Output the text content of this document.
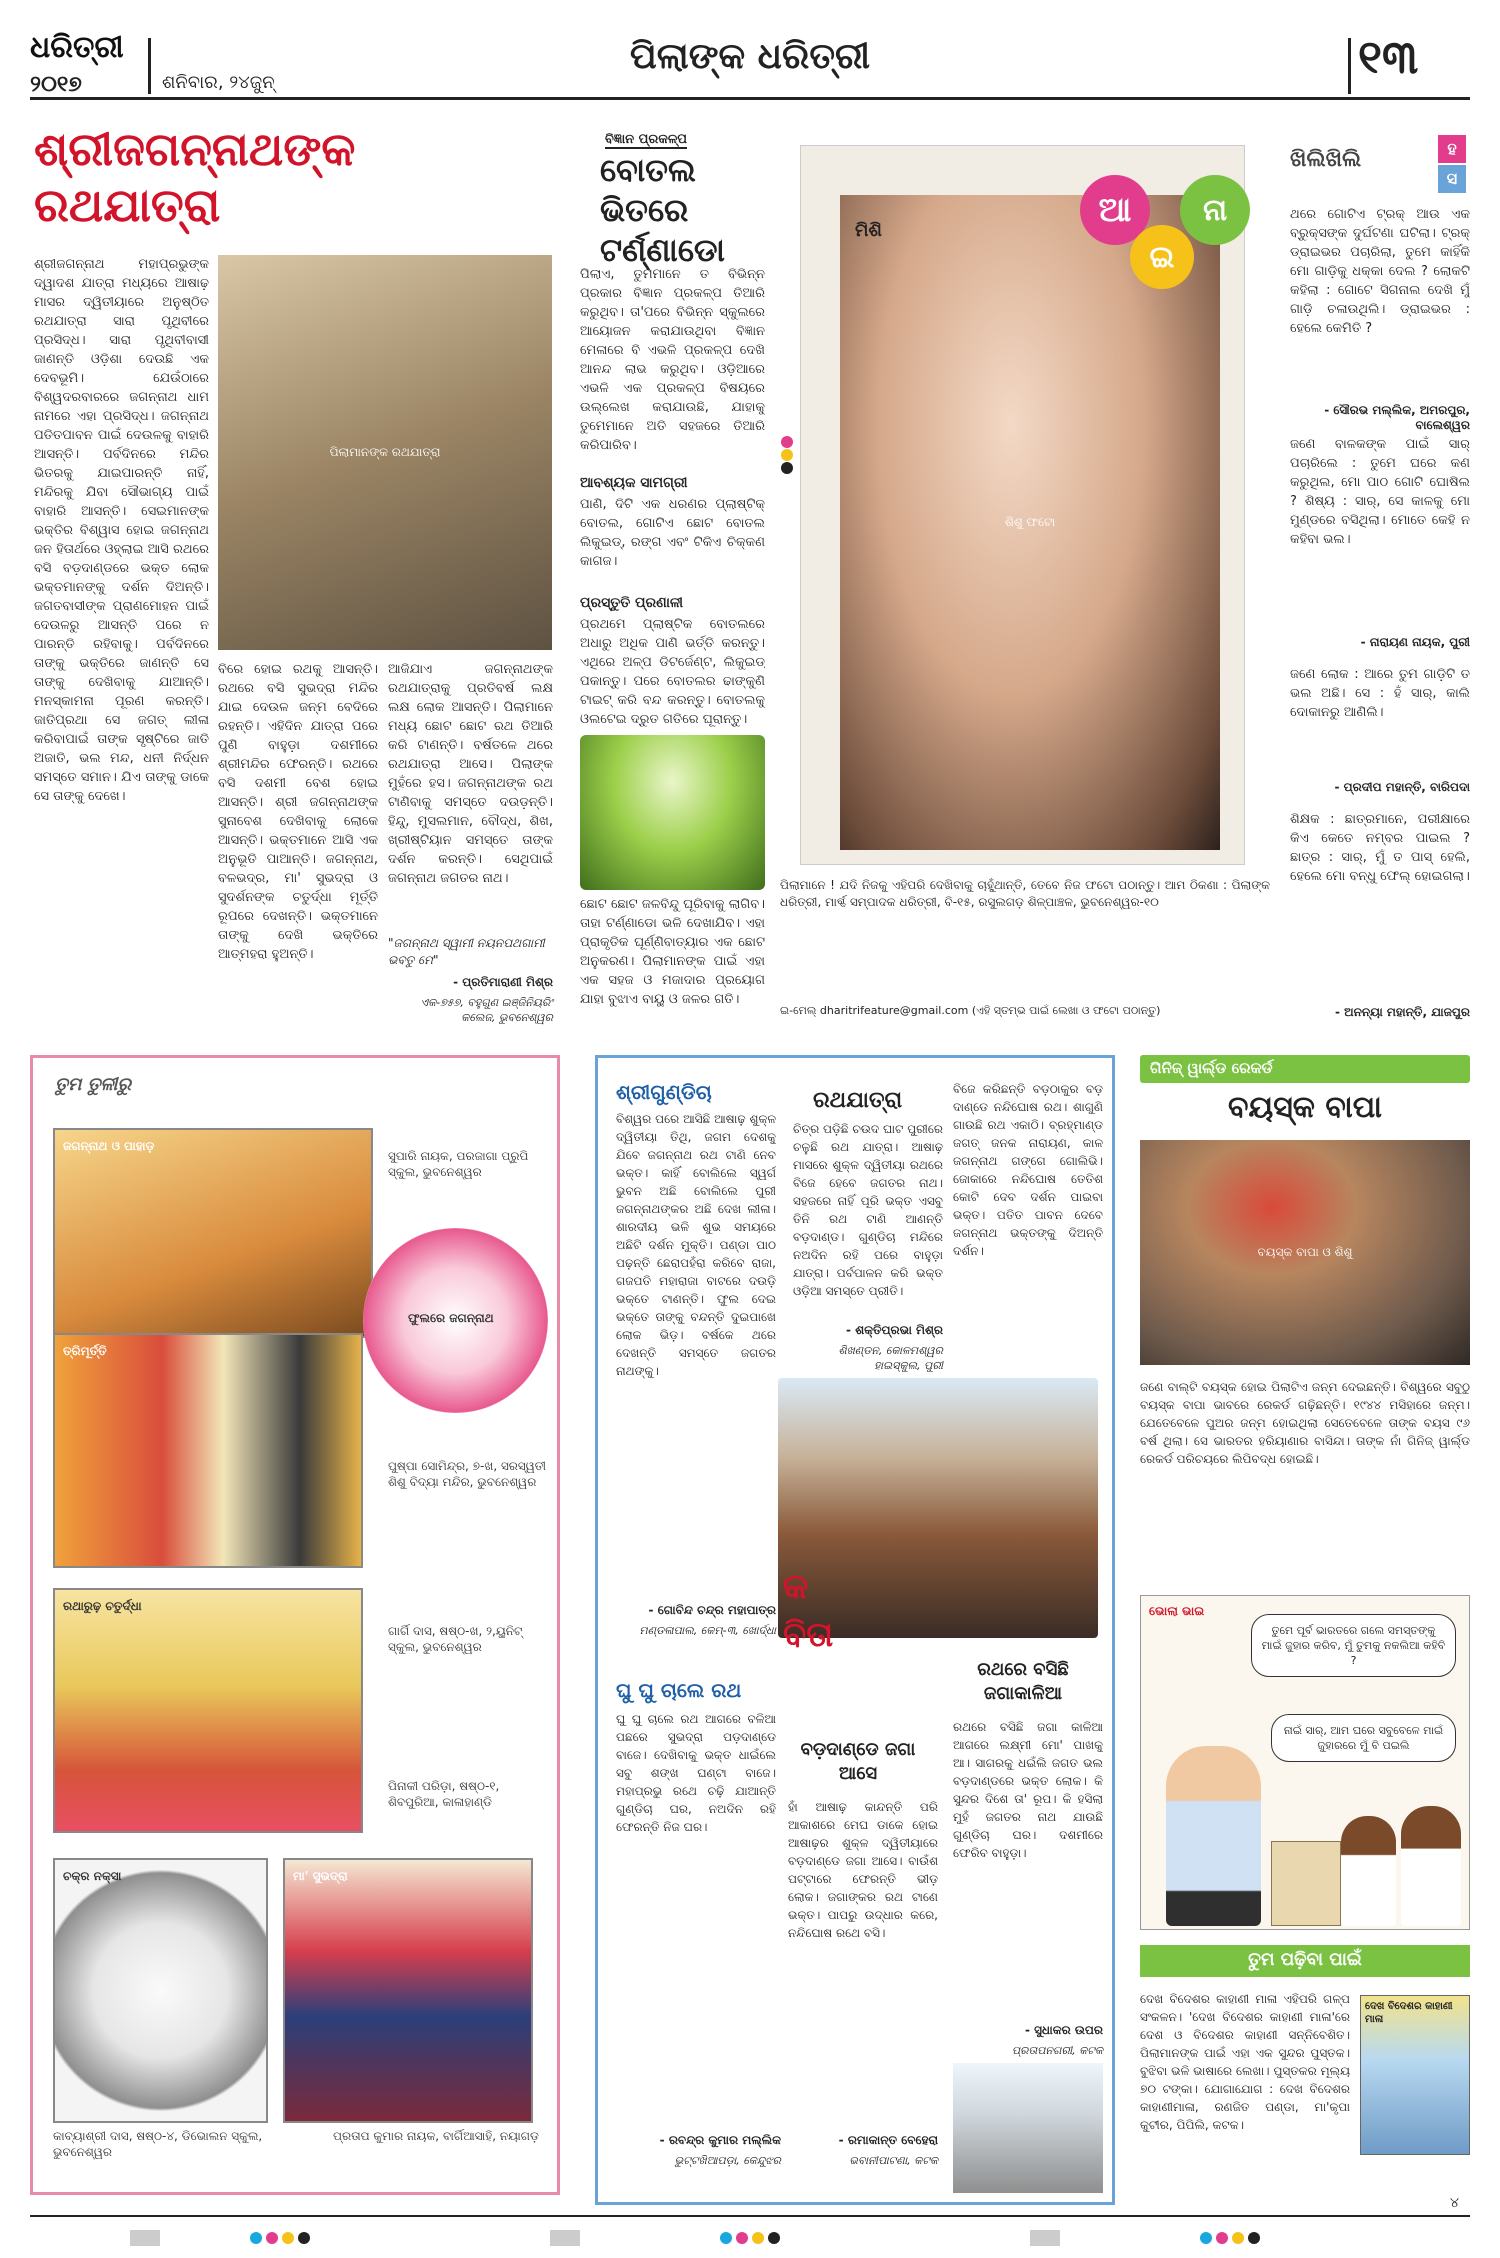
ଧରିତ୍ରୀ
୨୦୧୭	ଶନିବାର, ୨୪ଜୁନ୍
ପିଲାଙ୍କ ଧରିତ୍ରୀ	୧୩
ଶ୍ରୀଜଗନ୍ନାଥଙ୍କ ରଥଯାତ୍ରା
ଶ୍ରୀଜଗନ୍ନାଥ ମହାପ୍ରଭୁଙ୍କ ଦ୍ୱାଦଶ ଯାତ୍ରା ମଧ୍ୟରେ ଆଷାଢ଼ ମାସର ଦ୍ୱିତୀୟାରେ ଅନୁଷ୍ଠିତ ରଥଯାତ୍ରା ସାରା ପୃଥିବୀରେ ପ୍ରସିଦ୍ଧ। ସାରା ପୃଥିବୀବାସୀ ଜାଣନ୍ତି ଓଡ଼ିଶା ଦେଉଛି ଏକ ଦେବଭୂମି। ଯେଉଁଠାରେ ବିଶ୍ୱଦରବାରରେ ଜଗନ୍ନାଥ ଧାମ ନାମରେ ଏହା ପ୍ରସିଦ୍ଧ। ଜଗନ୍ନାଥ ପତିତପାବନ ପାଇଁ ଦେଉଳକୁ ବାହାରି ଆସନ୍ତି। ପର୍ବଦିନରେ ମନ୍ଦିର ଭିତରକୁ ଯାଇପାରନ୍ତି ନାହିଁ, ମନ୍ଦିରକୁ ଯିବା ସୌଭାଗ୍ୟ ପାଇଁ ବାହାରି ଆସନ୍ତି। ସେଇମାନଙ୍କ ଭକ୍ତିର ବିଶ୍ୱାସ ହୋଇ ଜଗନ୍ନାଥ ଜନ ହିତାର୍ଥରେ ଓହ୍ଲାଇ ଆସି ରଥରେ ବସି ବଡ଼ଦାଣ୍ଡରେ ଭକ୍ତ ଲୋକ ଭକ୍ତମାନଙ୍କୁ ଦର୍ଶନ ଦିଅନ୍ତି। ଜଗତବାସୀଙ୍କ ପ୍ରାଣମୋହନ ପାଇଁ ଦେଉଳରୁ ଆସନ୍ତି ପରେ ନ ପାରନ୍ତି ରହିବାକୁ। ପର୍ବଦିନରେ ତାଙ୍କୁ ଭକ୍ତିରେ ଜାଣନ୍ତି ସେ ତାଙ୍କୁ ଦେଖିବାକୁ ଯାଆନ୍ତି। ମନସ୍କାମନା ପୂରଣ କରନ୍ତି। ଜାତିପ୍ରଥା ସେ ଜଗତ୍ ଲୀଳା କରିବାପାଇଁ ତାଙ୍କ ସୃଷ୍ଟିରେ ଜାତି ଅଜାତି, ଭଲ ମନ୍ଦ, ଧନୀ ନିର୍ଦ୍ଧନ ସମସ୍ତେ ସମାନ। ଯିଏ ତାଙ୍କୁ ଡାକେ ସେ ତାଙ୍କୁ ଦେଖେ।
ପିଲାମାନଙ୍କ ରଥଯାତ୍ରା
ବିରେ ହୋଇ ରଥକୁ ଆସନ୍ତି। ରଥରେ ବସି ସୁଭଦ୍ରା ମନ୍ଦିର ଯାଇ ଦେଉଳ ଜନ୍ମ ବେଦିରେ ରହନ୍ତି। ଏହିଦିନ ଯାତ୍ରା ପରେ ପୁଣି ବାହୁଡ଼ା ଦଶମୀରେ ଶ୍ରୀମନ୍ଦିର ଫେରନ୍ତି। ରଥରେ ବସି ଦଶମୀ ବେଶ ହୋଇ ଆସନ୍ତି। ଶ୍ରୀ ଜଗନ୍ନାଥଙ୍କ ସୁନାବେଶ ଦେଖିବାକୁ ଲୋକେ ଆସନ୍ତି। ଭକ୍ତମାନେ ଆସି ଏକ ଅନୁଭୂତି ପାଆନ୍ତି। ଜଗନ୍ନାଥ, ବଳଭଦ୍ର, ମା' ସୁଭଦ୍ରା ଓ ସୁଦର୍ଶନଙ୍କ ଚତୁର୍ଦ୍ଧା ମୂର୍ତ୍ତି ରୂପରେ ଦେଖନ୍ତି। ଭକ୍ତମାନେ ତାଙ୍କୁ ଦେଖି ଭକ୍ତିରେ ଆତ୍ମହରା ହୁଅନ୍ତି।
ଆଜିଯାଏ ଜଗନ୍ନାଥଙ୍କ ରଥଯାତ୍ରାକୁ ପ୍ରତିବର୍ଷ ଲକ୍ଷ ଲକ୍ଷ ଲୋକ ଆସନ୍ତି। ପିଲାମାନେ ମଧ୍ୟ ଛୋଟ ଛୋଟ ରଥ ତିଆରି କରି ଟାଣନ୍ତି। ବର୍ଷତଳେ ଥରେ ରଥଯାତ୍ରା ଆସେ। ପିଲାଙ୍କ ମୁହଁରେ ହସ। ଜଗନ୍ନାଥଙ୍କ ରଥ ଟାଣିବାକୁ ସମସ୍ତେ ଦଉଡ଼ନ୍ତି। ହିନ୍ଦୁ, ମୁସଲମାନ, ବୌଦ୍ଧ, ଶିଖ, ଖ୍ରୀଷ୍ଟିୟାନ ସମସ୍ତେ ତାଙ୍କ ଦର୍ଶନ କରନ୍ତି। ସେଥିପାଇଁ ଜଗନ୍ନାଥ ଜଗତର ନାଥ।
"ଜଗନ୍ନାଥ ସ୍ୱାମୀ ନୟନପଥଗାମୀ ଭବତୁ ମେ"
- ପ୍ରତିମାରାଣୀ ମିଶ୍ର
ଏକ-୭୫୭, ବହୁଗୁଣ ଇଞ୍ଜିନିୟରିଂ କଲେଜ, ଭୁବନେଶ୍ୱର
ବିଜ୍ଞାନ ପ୍ରକଳ୍ପ
ବୋତଲ ଭିତରେ ଟର୍ଣ୍ଣାଡୋ
ପିଲାଏ, ତୁମମାନେ ତ ବିଭିନ୍ନ ପ୍ରକାର ବିଜ୍ଞାନ ପ୍ରକଳ୍ପ ତିଆରି କରୁଥିବ। ତା'ପରେ ବିଭିନ୍ନ ସ୍କୁଲରେ ଆୟୋଜନ କରାଯାଉଥିବା ବିଜ୍ଞାନ ମେଳାରେ ବି ଏଭଳି ପ୍ରକଳ୍ପ ଦେଖି ଆନନ୍ଦ ଲାଭ କରୁଥିବ। ଓଡ଼ିଆରେ ଏଭଳି ଏକ ପ୍ରକଳ୍ପ ବିଷୟରେ ଉଲ୍ଲେଖ କରାଯାଉଛି, ଯାହାକୁ ତୁମେମାନେ ଅତି ସହଜରେ ତିଆରି କରିପାରିବ।
ଆବଶ୍ୟକ ସାମଗ୍ରୀ
ପାଣି, ଦିଟି ଏକ ଧରଣର ପ୍ଲାଷ୍ଟିକ୍ ବୋତଲ, ଗୋଟିଏ ଛୋଟ ବୋତଲ ଲିକୁଇଡ୍, ରଙ୍ଗ ଏବଂ ଟିକିଏ ଚିକ୍କଣ କାଗଜ।
ପ୍ରସ୍ତୁତି ପ୍ରଣାଳୀ
ପ୍ରଥମେ ପ୍ଲାଷ୍ଟିକ ବୋତଲରେ ଅଧାରୁ ଅଧିକ ପାଣି ଭର୍ତ୍ତି କରନ୍ତୁ। ଏଥିରେ ଅଳ୍ପ ଡିଟର୍ଜେଣ୍ଟ, ଲିକୁଇଡ୍ ପକାନ୍ତୁ। ପରେ ବୋତଲର ଢାଙ୍କୁଣି ଟାଇଟ୍ କରି ବନ୍ଦ କରନ୍ତୁ। ବୋତଲକୁ ଓଲଟେଇ ଦ୍ରୁତ ଗତିରେ ଘୂରାନ୍ତୁ।
ଛୋଟ ଛୋଟ ଜଳବିନ୍ଦୁ ଘୂରିବାକୁ ଲାଗିବ। ତାହା ଟର୍ଣ୍ଣାଡୋ ଭଳି ଦେଖାଯିବ। ଏହା ପ୍ରାକୃତିକ ଘୂର୍ଣ୍ଣିବାତ୍ୟାର ଏକ ଛୋଟ ଅନୁକରଣ। ପିଲାମାନଙ୍କ ପାଇଁ ଏହା ଏକ ସହଜ ଓ ମଜାଦାର ପ୍ରୟୋଗ ଯାହା ବୁଝାଏ ବାୟୁ ଓ ଜଳର ଗତି।
ଶିଶୁ ଫଟୋ
ମିଶି
ଆ
ଇ
ନା
ପିଲାମାନେ ! ଯଦି ନିଜକୁ ଏହିପରି ଦେଖିବାକୁ ଚାହୁଁଥାନ୍ତି, ତେବେ ନିଜ ଫଟୋ ପଠାନ୍ତୁ। ଆମ ଠିକଣା : ପିଲାଙ୍କ ଧରିତ୍ରୀ, ମାର୍ଗ୍ଦ ସମ୍ପାଦକ ଧରିତ୍ରୀ, ବି-୧୫, ରସୁଲଗଡ଼ ଶିଳ୍ପାଞ୍ଚଳ, ଭୁବନେଶ୍ୱର-୧୦
ଇ-ମେଲ୍ dharitrifeature@gmail.com (ଏହି ସ୍ତମ୍ଭ ପାଇଁ ଲେଖା ଓ ଫଟୋ ପଠାନ୍ତୁ)
ଖିଲିଖିଲି	ହ
ସ
ଥରେ ଗୋଟିଏ ଟ୍ରକ୍ ଆଉ ଏକ ବ୍ରୁକ୍ସଙ୍କ ଦୁର୍ଘଟଣା ଘଟିଲା। ଟ୍ରକ୍ ଡ୍ରାଇଭର ପଚାରିଲା, ତୁମେ କାହିଁକି ମୋ ଗାଡ଼ିକୁ ଧକ୍କା ଦେଲ ? ଲୋକଟି କହିଲା : ଗୋଟେ ସିଗନାଲ ଦେଖି ମୁଁ ଗାଡ଼ି ଚଳାଉଥିଲି। ଡ୍ରାଇଭର : ହେଲେ କେମିତି ?
- ସୌରଭ ମଲ୍ଲିକ, ଅମରପୁର, ବାଲେଶ୍ୱର
ଜଣେ ବାଳକଙ୍କ ପାଇଁ ସାର୍ ପଚାରିଲେ : ତୁମେ ଘରେ କଣ କରୁଥିଲ, ମୋ ପାଠ ଗୋଟି ଘୋଷିଲ ? ଶିଷ୍ୟ : ସାର୍, ସେ କାଳକୁ ମୋ ମୁଣ୍ଡରେ ବସିଥିଲା। ମୋତେ କେହି ନ କହିବା ଭଲ।
- ନାରାୟଣ ନାୟକ, ପୁରୀ
ଜଣେ ଲୋକ : ଆରେ ତୁମ ଗାଡ଼ିଟି ତ ଭଲ ଅଛି। ସେ : ହଁ ସାର୍, କାଲି ଦୋକାନରୁ ଆଣିଲି।
- ପ୍ରଦୀପ ମହାନ୍ତି, ବାରିପଦା
ଶିକ୍ଷକ : ଛାତ୍ରମାନେ, ପରୀକ୍ଷାରେ କିଏ କେତେ ନମ୍ବର ପାଇଲ ? ଛାତ୍ର : ସାର୍, ମୁଁ ତ ପାସ୍ ହେଲି, ହେଲେ ମୋ ବନ୍ଧୁ ଫେଲ୍ ହୋଇଗଲା।
- ଅନନ୍ୟା ମହାନ୍ତି, ଯାଜପୁର
ତୁମ ତୁଳୀରୁ
ଜଗନ୍ନାଥ ଓ ପାହାଡ଼
ସୁପାରି ନାୟକ, ପରଜାଗା ପ୍ରୁପି ସ୍କୁଲ, ଭୁବନେଶ୍ୱର
ଫୁଲରେ ଜଗନ୍ନାଥ
ପୁଷ୍ପା ସୋମିନ୍ଦ୍ର, ୭-ଖ, ସରସ୍ୱତୀ ଶିଶୁ ବିଦ୍ୟା ମନ୍ଦିର, ଭୁବନେଶ୍ୱର
ତ୍ରିମୂର୍ତ୍ତି
ଗାର୍ଗି ଦାସ, ଷଷ୍ଠ-ଖ, ୨,ୟୁନିଟ୍ ସ୍କୁଲ, ଭୁବନେଶ୍ୱର
ରଥାରୁଢ଼ ଚତୁର୍ଦ୍ଧା
ପିନାକୀ ପରିଡ଼ା, ଷଷ୍ଠ-୧, ଶିବପୁରିଆ, କାଳାହାଣ୍ଡି
ଚକ୍ର ନକ୍ସା
କାବ୍ୟାଶ୍ରୀ ଦାସ, ଷଷ୍ଠ-୪, ଡିଭୋଲନ ସ୍କୁଲ, ଭୁବନେଶ୍ୱର
ମା' ସୁଭଦ୍ରା
ପ୍ରତାପ କୁମାର ନାୟକ, ବାର୍ଗିଆସାହି, ନୟାଗଡ଼
ଶ୍ରୀଗୁଣ୍ଡିଚା
ବିଶ୍ୱର ପରେ ଆସିଛି ଆଷାଢ଼ ଶୁକ୍ଳ ଦ୍ୱିତୀୟା ତିଥି, ଜଗମ ଦେଶକୁ ଯିବେ ଜଗନ୍ନାଥ ରଥ ଟାଣି ନେବ ଭକ୍ତ। କାହିଁ ବୋଲିଲେ ସ୍ୱର୍ଗ ଭୁବନ ଅଛି ବୋଲିଲେ ପୁରୀ ଜଗନ୍ନାଥଙ୍କର ଅଛି ଦେଖ ଲୀଳା। ଶାରଦୀୟ ଭଳି ଶୁଭ ସମୟରେ ଅଛିଟି ଦର୍ଶନ ମୁକ୍ତି। ପଣ୍ଡା ପାଠ ପଢ଼ନ୍ତି ଛେରାପହଁରା କରିବେ ରାଜା, ଗଜପତି ମହାରାଜା ବାଟରେ ଦଉଡ଼ି ଭକ୍ତେ ଟାଣନ୍ତି। ଫୁଲ ଦେଇ ଭକ୍ତେ ତାଙ୍କୁ ବନ୍ଦନ୍ତି ଦୁଇପାଖେ ଲୋକ ଭିଡ଼। ବର୍ଷକେ ଥରେ ଦେଖନ୍ତି ସମସ୍ତେ ଜଗତର ନାଥଙ୍କୁ।
- ଗୋବିନ୍ଦ ଚନ୍ଦ୍ର ମହାପାତ୍ର
ମଣ୍ଡଳାପାଲ, କେମ୍‌-୩, ଖୋର୍ଦ୍ଧା
ରଥଯାତ୍ରା
ଚିତ୍ର ପଡ଼ିଛି ଚଉଦ ଘାଟ ପୁରୀରେ ଚଳୁଛି ରଥ ଯାତ୍ରା। ଆଷାଢ଼ ମାସରେ ଶୁକ୍ଳ ଦ୍ୱିତୀୟା ରଥରେ ବିଜେ ହେବେ ଜଗତର ନାଥ। ସହଜରେ ନାହିଁ ପୂରି ଭକ୍ତ ଏସବୁ ତିନି ରଥ ଟାଣି ଆଣନ୍ତି ବଡ଼ଦାଣ୍ଡ। ଗୁଣ୍ଡିଚା ମନ୍ଦିରେ ନଅଦିନ ରହି ପରେ ବାହୁଡ଼ା ଯାତ୍ରା। ପର୍ବପାଳନ କରି ଭକ୍ତ ଓଡ଼ିଆ ସମସ୍ତେ ପ୍ରୀତି।
- ଶକ୍ତିପ୍ରଭା ମିଶ୍ର
ଶିଖଣ୍ଡନ, କୋଳମଶ୍ୱର ହାଇସ୍କୁଲ, ପୁରୀ
ବିଜେ କରିଛନ୍ତି ବଡ଼ଠାକୁର ବଡ଼ ଦାଣ୍ଡେ ନନ୍ଦିଘୋଷ ରଥ। ଶାଗୁଣି ଗାଉଛି ରଥ ଏକାଠି। ବ୍ରହ୍ମାଣ୍ଡ ଜଗତ୍ ଜନକ ନାରାୟଣ, କାଳ ଜଗନ୍ନାଥ ଗଙ୍ଗେ ଗୋଲିଭି। ଜୋକାରେ ନନ୍ଦିଘୋଷ ତେତିଶ କୋଟି ଦେବ ଦର୍ଶନ ପାଇବା ଭକ୍ତ। ପତିତ ପାବନ ଦେବେ ଜଗନ୍ନାଥ ଭକ୍ତଙ୍କୁ ଦିଅନ୍ତି ଦର୍ଶନ।
କବିତା
ଘୁ ଘୁ ଚାଲେ ରଥ
ଘୁ ଘୁ ଚାଲେ ରଥ ଆଗରେ ବଳିଆ ପଛରେ ସୁଭଦ୍ରା ପଡ଼ଦାଣ୍ଡେ ବାଜେ। ଦେଖିବାକୁ ଭକ୍ତ ଧାଇଁଲେ ସବୁ ଶଙ୍ଖ ଘଣ୍ଟା ବାଜେ। ମହାପ୍ରଭୁ ରଥେ ଚଢ଼ି ଯାଆନ୍ତି ଗୁଣ୍ଡିଚା ଘର, ନଅଦିନ ରହି ଫେରନ୍ତି ନିଜ ଘର।
- ରବନ୍ଦ୍ର କୁମାର ମଲ୍ଲିକ
ଭୁଟ୍ଟଖିଆପଡ଼ା, କେନ୍ଦୁଝର
ବଡ଼ଦାଣ୍ଡେ ଜଗା ଆସେ
ହାଁ ଆଷାଢ଼ କାନ୍ଦନ୍ତି ପରି ଆକାଶରେ ମେଘ ଡାକେ ହୋଇ ଆଷାଢ଼ର ଶୁକ୍ଳ ଦ୍ୱିତୀୟାରେ ବଡ଼ଦାଣ୍ଡେ ଜଗା ଆସେ। ବାଉଁଶ ପଟ୍ଟାରେ ଫେରନ୍ତି ଭୀଡ଼ ଲୋକ। ଜଗାଙ୍କର ରଥ ଟାଣେ ଭକ୍ତ। ପାପରୁ ଉଦ୍ଧାର କରେ, ନନ୍ଦିଘୋଷ ରଥେ ବସି।
- ରମାକାନ୍ତ ବେହେରା
ଭବାନୀପାଟଣା, କଟକ
ରଥରେ ବସିଛି ଜଗାକାଳିଆ
ରଥରେ ବସିଛି ଜଗା କାଳିଆ ଆଗରେ ଲକ୍ଷ୍ମୀ ମୋ' ପାଖକୁ ଆ। ସାଗରକୁ ଧଇଁଲି ଜଗତ ଭଲ ବଡ଼ଦାଣ୍ଡରେ ଭକ୍ତ ଲୋକ। କି ସୁନ୍ଦର ଦିଶେ ତା' ରୂପ। କି ହସିଲା ମୁହଁ ଜଗତର ନାଥ ଯାଉଛି ଗୁଣ୍ଡିଚା ଘର। ଦଶମୀରେ ଫେରିବ ବାହୁଡ଼ା।
- ସୁଧାକର ଉପର
ପ୍ରତାପନଗରୀ, କଟକ
ଗିନିଜ୍ ୱାର୍ଲ୍ଡ ରେକର୍ଡ
ବୟସ୍କ ବାପା
ବୟସ୍କ ବାପା ଓ ଶିଶୁ
ଜଣେ ବାଲ୍ଟି ବୟସ୍କ ହୋଇ ପିଲାଟିଏ ଜନ୍ମ ଦେଇଛନ୍ତି। ବିଶ୍ୱରେ ସବୁଠୁ ବୟସ୍କ ବାପା ଭାବରେ ରେକର୍ଡ ଗଢ଼ିଛନ୍ତି। ୧୯୪୪ ମସିହାରେ ଜନ୍ମ। ଯେତେବେଳେ ପୁଅର ଜନ୍ମ ହୋଇଥିଲା ସେତେବେଳେ ତାଙ୍କ ବୟସ ୯୬ ବର୍ଷ ଥିଲା। ସେ ଭାରତର ହରିୟାଣାର ବାସିନ୍ଦା। ତାଙ୍କ ନାଁ ଗିନିଜ୍ ୱାର୍ଲ୍ଡ ରେକର୍ଡ ପରିଚୟରେ ଲିପିବଦ୍ଧ ହୋଇଛି।
ଭୋଲା ଭାଇ
ତୁମେ ପୂର୍ବ ଭାରତରେ ଗଲେ ସମସ୍ତଙ୍କୁ ମାଇଁ ଜୁହାର କରିବ, ମୁଁ ତୁମକୁ ନକଲିଆ କହିବି ?
ନାଇଁ ସାର୍, ଆମ ଘରେ ସବୁବେଳେ ମାଇଁ ଜୁହାରରେ ମୁଁ ବି ପଇଲି
ତୁମ ପଢ଼ିବା ପାଇଁ
ଦେଖ ବିଦେଶର କାହାଣୀ ମାଳା ଏହିପରି ଗଳ୍ପ ସଂକଳନ। 'ଦେଖ ବିଦେଶର କାହାଣୀ ମାଳା'ରେ ଦେଶ ଓ ବିଦେଶର କାହାଣୀ ସନ୍ନିବେଶିତ। ପିଲାମାନଙ୍କ ପାଇଁ ଏହା ଏକ ସୁନ୍ଦର ପୁସ୍ତକ। ବୁଝିବା ଭଳି ଭାଷାରେ ଲେଖା। ପୁସ୍ତକର ମୂଲ୍ୟ ୭୦ ଟଙ୍କା। ଯୋଗାଯୋଗ : ଦେଖ ବିଦେଶର କାହାଣୀମାଳା, ରଣଜିତ ପଣ୍ଡା, ମା'କୃପା କୁଟୀର, ପିପିଲି, କଟକ।
ଦେଖ ବିଦେଶର କାହାଣୀ ମାଳା
୪
